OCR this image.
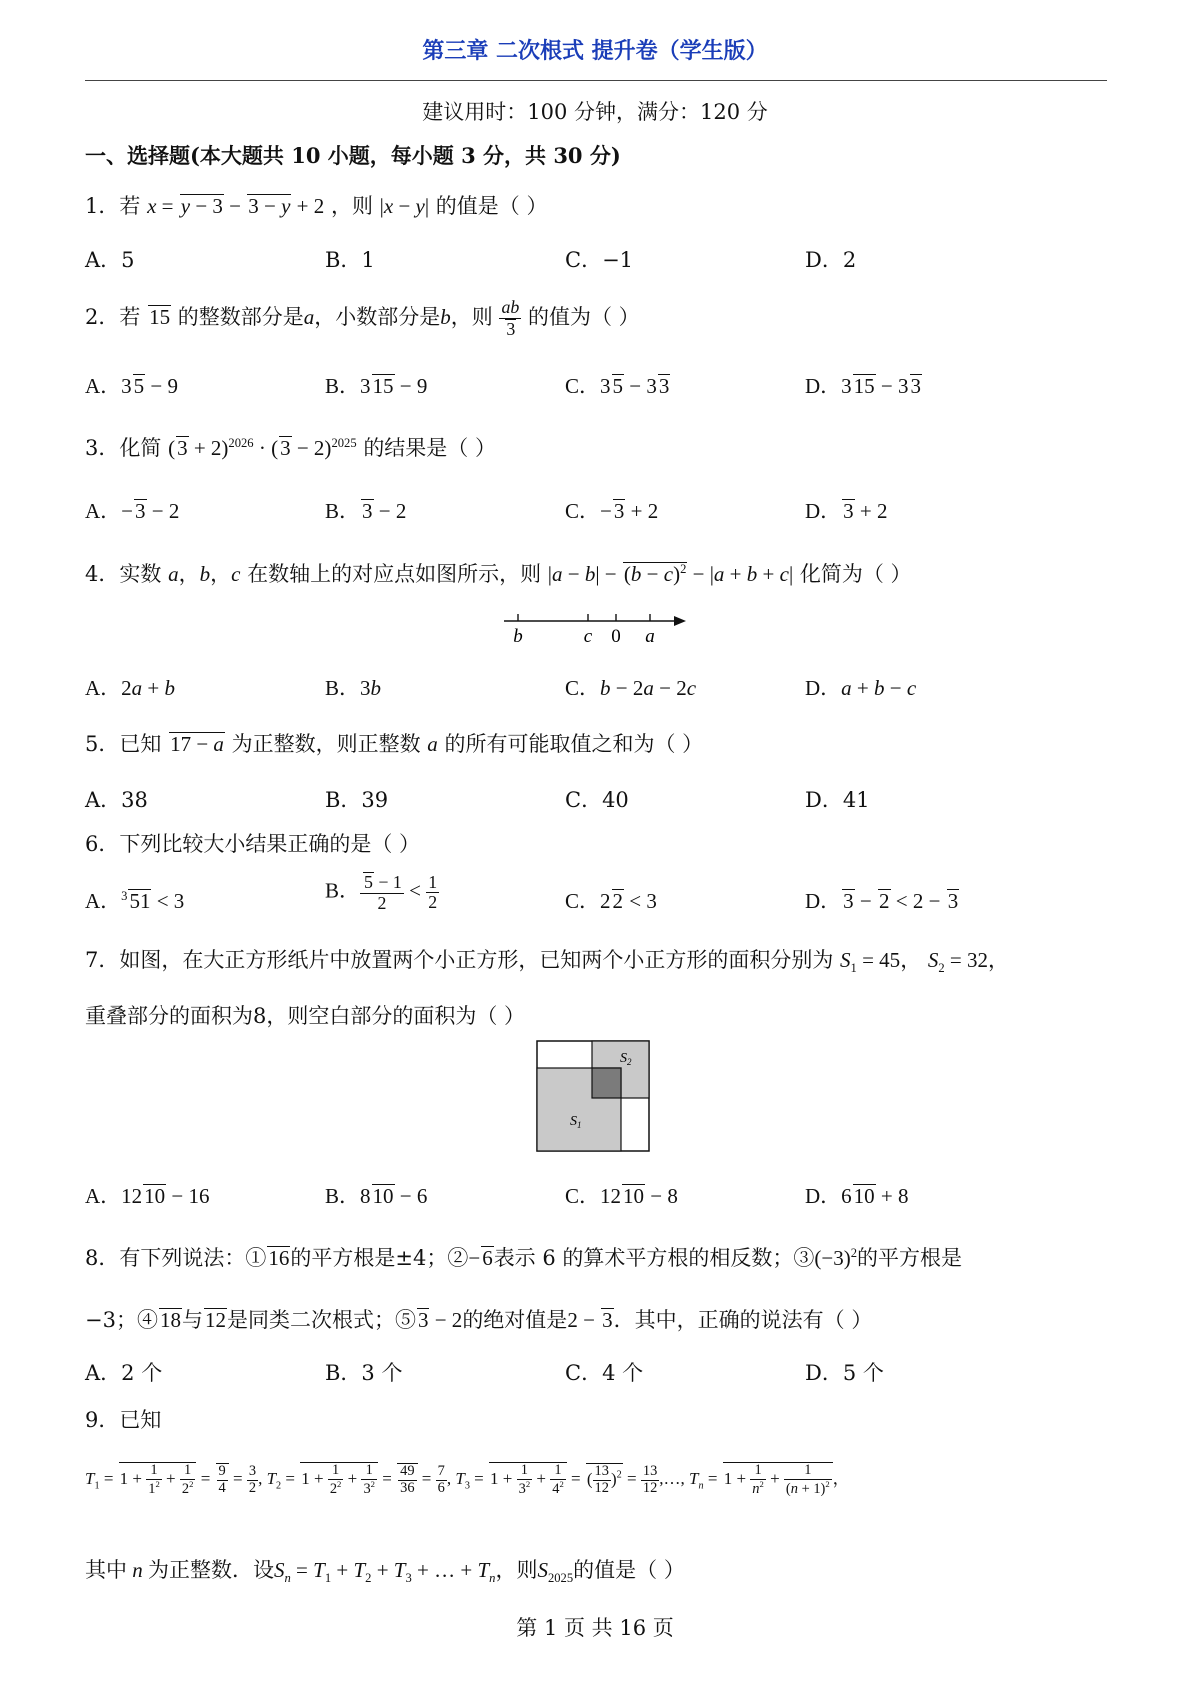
第三章 二次根式 提升卷（学生版）
建议用时：100 分钟，满分：120 分
一、选择题(本大题共 10 小题，每小题 3 分，共 30 分)
1．若 x = y − 3 − 3 − y + 2 ，则 |x − y| 的值是（ ）
A．5	B．1	C．−1	D．2
2．若 15 的整数部分是a，小数部分是b，则 $\frac{ab}{3}$ 的值为（ ）
A．35 − 9	B．315 − 9	C．35 − 33	D．315 − 33
3．化简 $(3 + 2)^{2026} \cdot (3 - 2)^{2025}$ 的结果是（ ）
A．−3 − 2	B．3 − 2	C．−3 + 2	D．3 + 2
4．实数 a，b，c 在数轴上的对应点如图所示，则 $|a - b| - (b - c)^2 - |a + b + c|$ 化简为（ ）
b	c 0 a
A．2a + b	B．3b	C．b − 2a − 2c	D．a + b − c
5．已知 17 − a 为正整数，则正整数 a 的所有可能取值之和为（ ）
A．38	B．39	C．40	D．41
6．下列比较大小结果正确的是（ ）
A．$^3$51 < 3	B． $\frac{5 - 1}{2} < \frac{1}{2}$	C．22 < 3	D．3 − 2 < 2 − 3
7．如图，在大正方形纸片中放置两个小正方形，已知两个小正方形的面积分别为 $S_1 = 45$， $S_2 = 32$，
重叠部分的面积为8，则空白部分的面积为（ ）
$S_2$
$S_1$
A．1210 − 16	B．810 − 6	C．1210 − 8	D．610 + 8
8．有下列说法：①16的平方根是±4；②−6表示 6 的算术平方根的相反数；$③(-3)^2$的平方根是
−3；④18与12是同类二次根式；⑤3 − 2的绝对值是2 − 3．其中，正确的说法有（ ）
A．2 个	B．3 个	C．4 个	D．5 个
9．已知
$T_1 = 1 + \frac{1}{1^2} + \frac{1}{2^2} = \frac{9}{4} = \frac{3}{2}$ , $T_2 = 1 + \frac{1}{2^2} + \frac{1}{3^2} = \frac{49}{36} = \frac{7}{6}$ , $T_3 = 1 + \frac{1}{3^2} + \frac{1}{4^2}$ = ( $\frac{13}{12} )^2 = \frac{13}{12}$ ,…, $T_n = 1 + \frac{1}{n^2} + \frac{1}{(n + 1)^2}$ ，
其中 n 为正整数．设$S_n = T_1 + T_2 + T_3$ + … + $T_n$，则$S_{2025}$的值是（ ）
第 1 页 共 16 页
